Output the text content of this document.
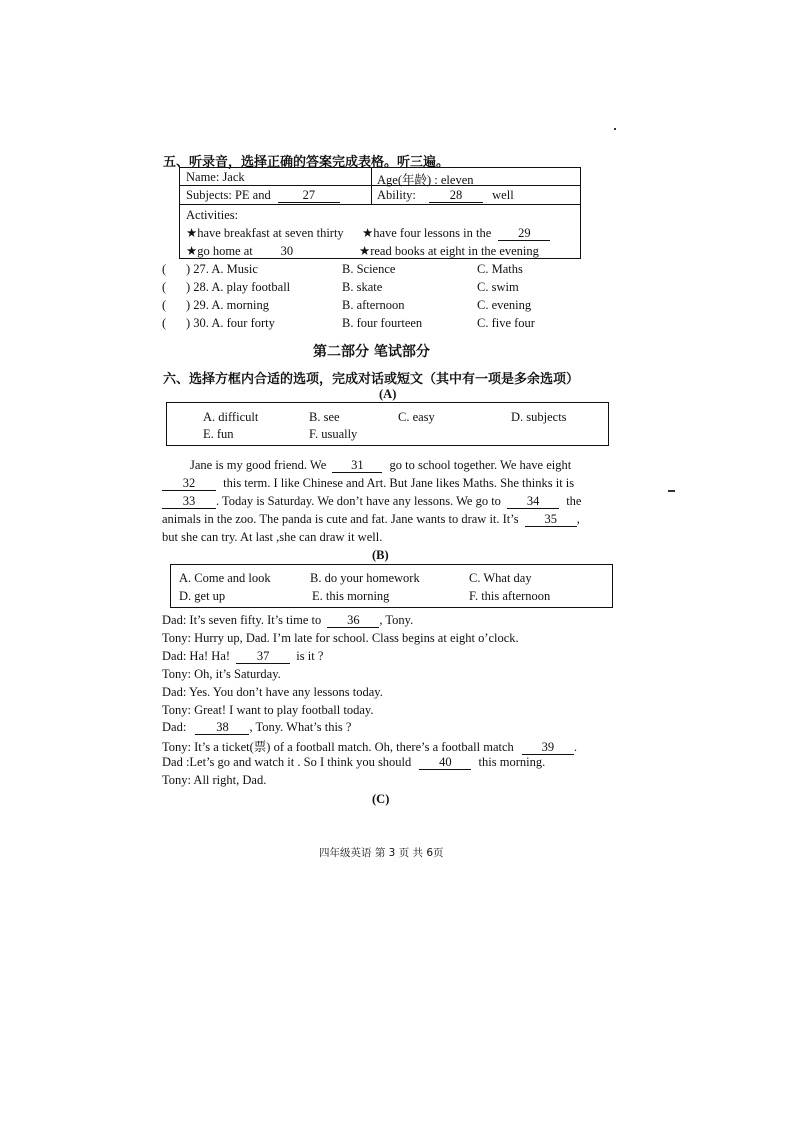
五、听录音，选择正确的答案完成表格。听三遍。
Name: Jack	Age(年龄) : eleven
Subjects: PE and	27	Ability:	28 well
Activities:
★have breakfast at seven thirty ★have four lessons in the 29
★go home at 30	★read books at eight in the evening
( ) 27. A. Music	B. Science	C. Maths
( ) 28. A. play football	B. skate	C. swim
( ) 29. A. morning	B. afternoon	C. evening
( ) 30. A. four forty	B. four fourteen	C. five four
第二部分 笔试部分
六、选择方框内合适的选项，完成对话或短文（其中有一项是多余选项）
(A)
A. difficult	B. see	C. easy	D. subjects
E. fun	F. usually
Jane is my good friend. We 31 go to school together. We have eight
32 this term. I like Chinese and Art. But Jane likes Maths. She thinks it is
33 . Today is Saturday. We don’t have any lessons. We go to 34 the
animals in the zoo. The panda is cute and fat. Jane wants to draw it. It’s 35 ,
but she can try. At last ,she can draw it well.
(B)
A. Come and look	B. do your homework	C. What day
D. get up	E. this morning	F. this afternoon
Dad: It’s seven fifty. It’s time to 36 , Tony.
Tony: Hurry up, Dad. I’m late for school. Class begins at eight o’clock.
Dad: Ha! Ha! 37 is it ?
Tony: Oh, it’s Saturday.
Dad: Yes. You don’t have any lessons today.
Tony: Great! I want to play football today.
Dad: 38 , Tony. What’s this ?
Tony: It’s a ticket(票) of a football match. Oh, there’s a football match 39 .
Dad :Let’s go and watch it . So I think you should 40 this morning.
Tony: All right, Dad.
(C)
四年级英语 第 3 页 共 6页
